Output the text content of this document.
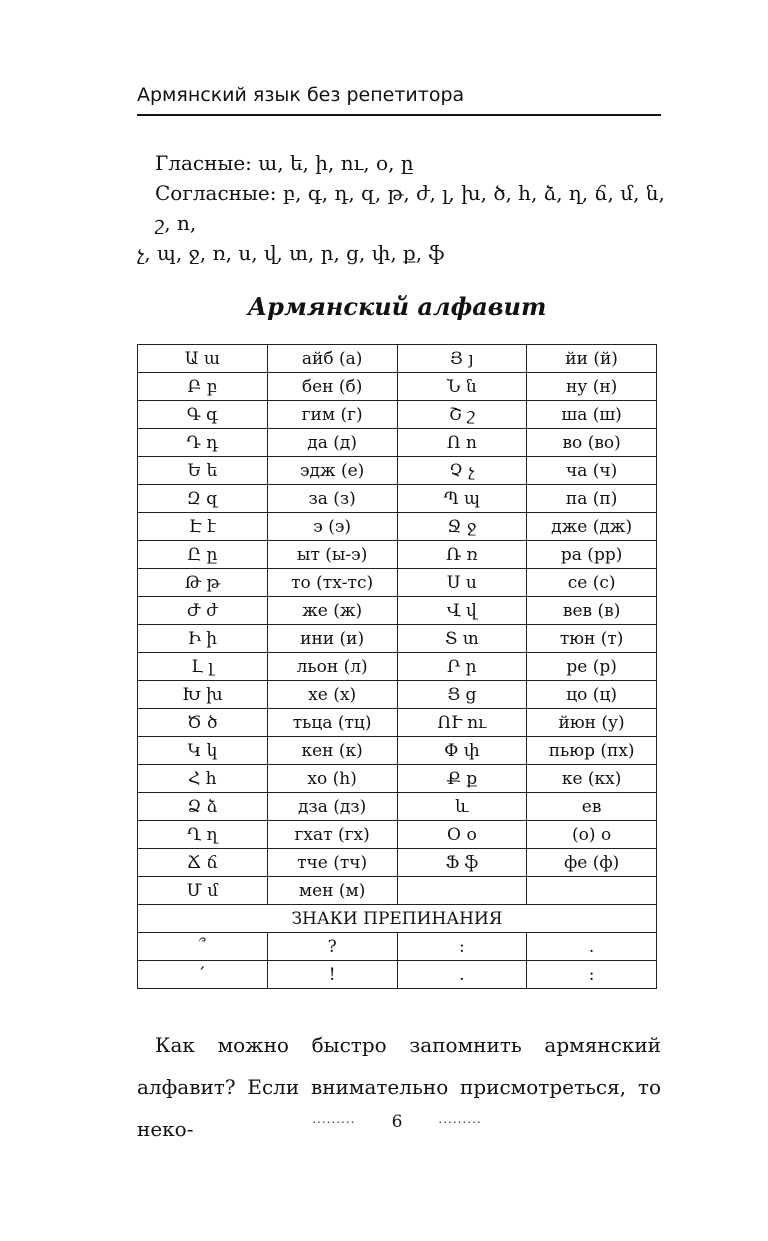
Армянский язык без репетитора

Гласные: ա, ե, ի, ու, օ, ը

Согласные: բ, գ, դ, զ, թ, ժ, լ, խ, ծ, հ, ձ, ղ, ճ, մ, ն, շ, ո,

չ, պ, ջ, ռ, ս, վ, տ, ր, ց, փ, ք, ֆ

Армянский алфавит
Ա ա	айб (а)	Յ յ	йи (й)
Բ բ	бен (б)	Ն ն	ну (н)
Գ գ	гим (г)	Շ շ	ша (ш)
Դ դ	да (д)	Ո ո	во (во)
Ե ե	эдж (е)	Չ չ	ча (ч)
Զ զ	за (з)	Պ պ	па (п)
Է է	э (э)	Ջ ջ	дже (дж)
Ը ը	ыт (ы-э)	Ռ ռ	ра (рр)
Թ թ	то (тх-тс)	Ս ս	се (с)
Ժ ժ	же (ж)	Վ վ	вев (в)
Ի ի	ини (и)	Տ տ	тюн (т)
Լ լ	льон (л)	Ր ր	ре (р)
Խ խ	хе (х)	Ց ց	цо (ц)
Ծ ծ	тьца (тц)	ՈՒ ու	йюн (у)
Կ կ	кен (к)	Փ փ	пьюр (пх)
Հ հ	хо (h)	Ք ք	ке (кх)
Ձ ձ	дза (дз)	և	ев
Ղ ղ	гхат (гх)	Օ օ	(о) о
Ճ ճ	тче (тч)	Ֆ ֆ	фе (ф)
Մ մ	мен (м)		
ЗНАКИ ПРЕПИНАНИЯ			
՞	?	:	.
՛	!	.	:

Как можно быстро запомнить армянский алфавит? Если внимательно присмотреться, то неко-	········· 6	·········
